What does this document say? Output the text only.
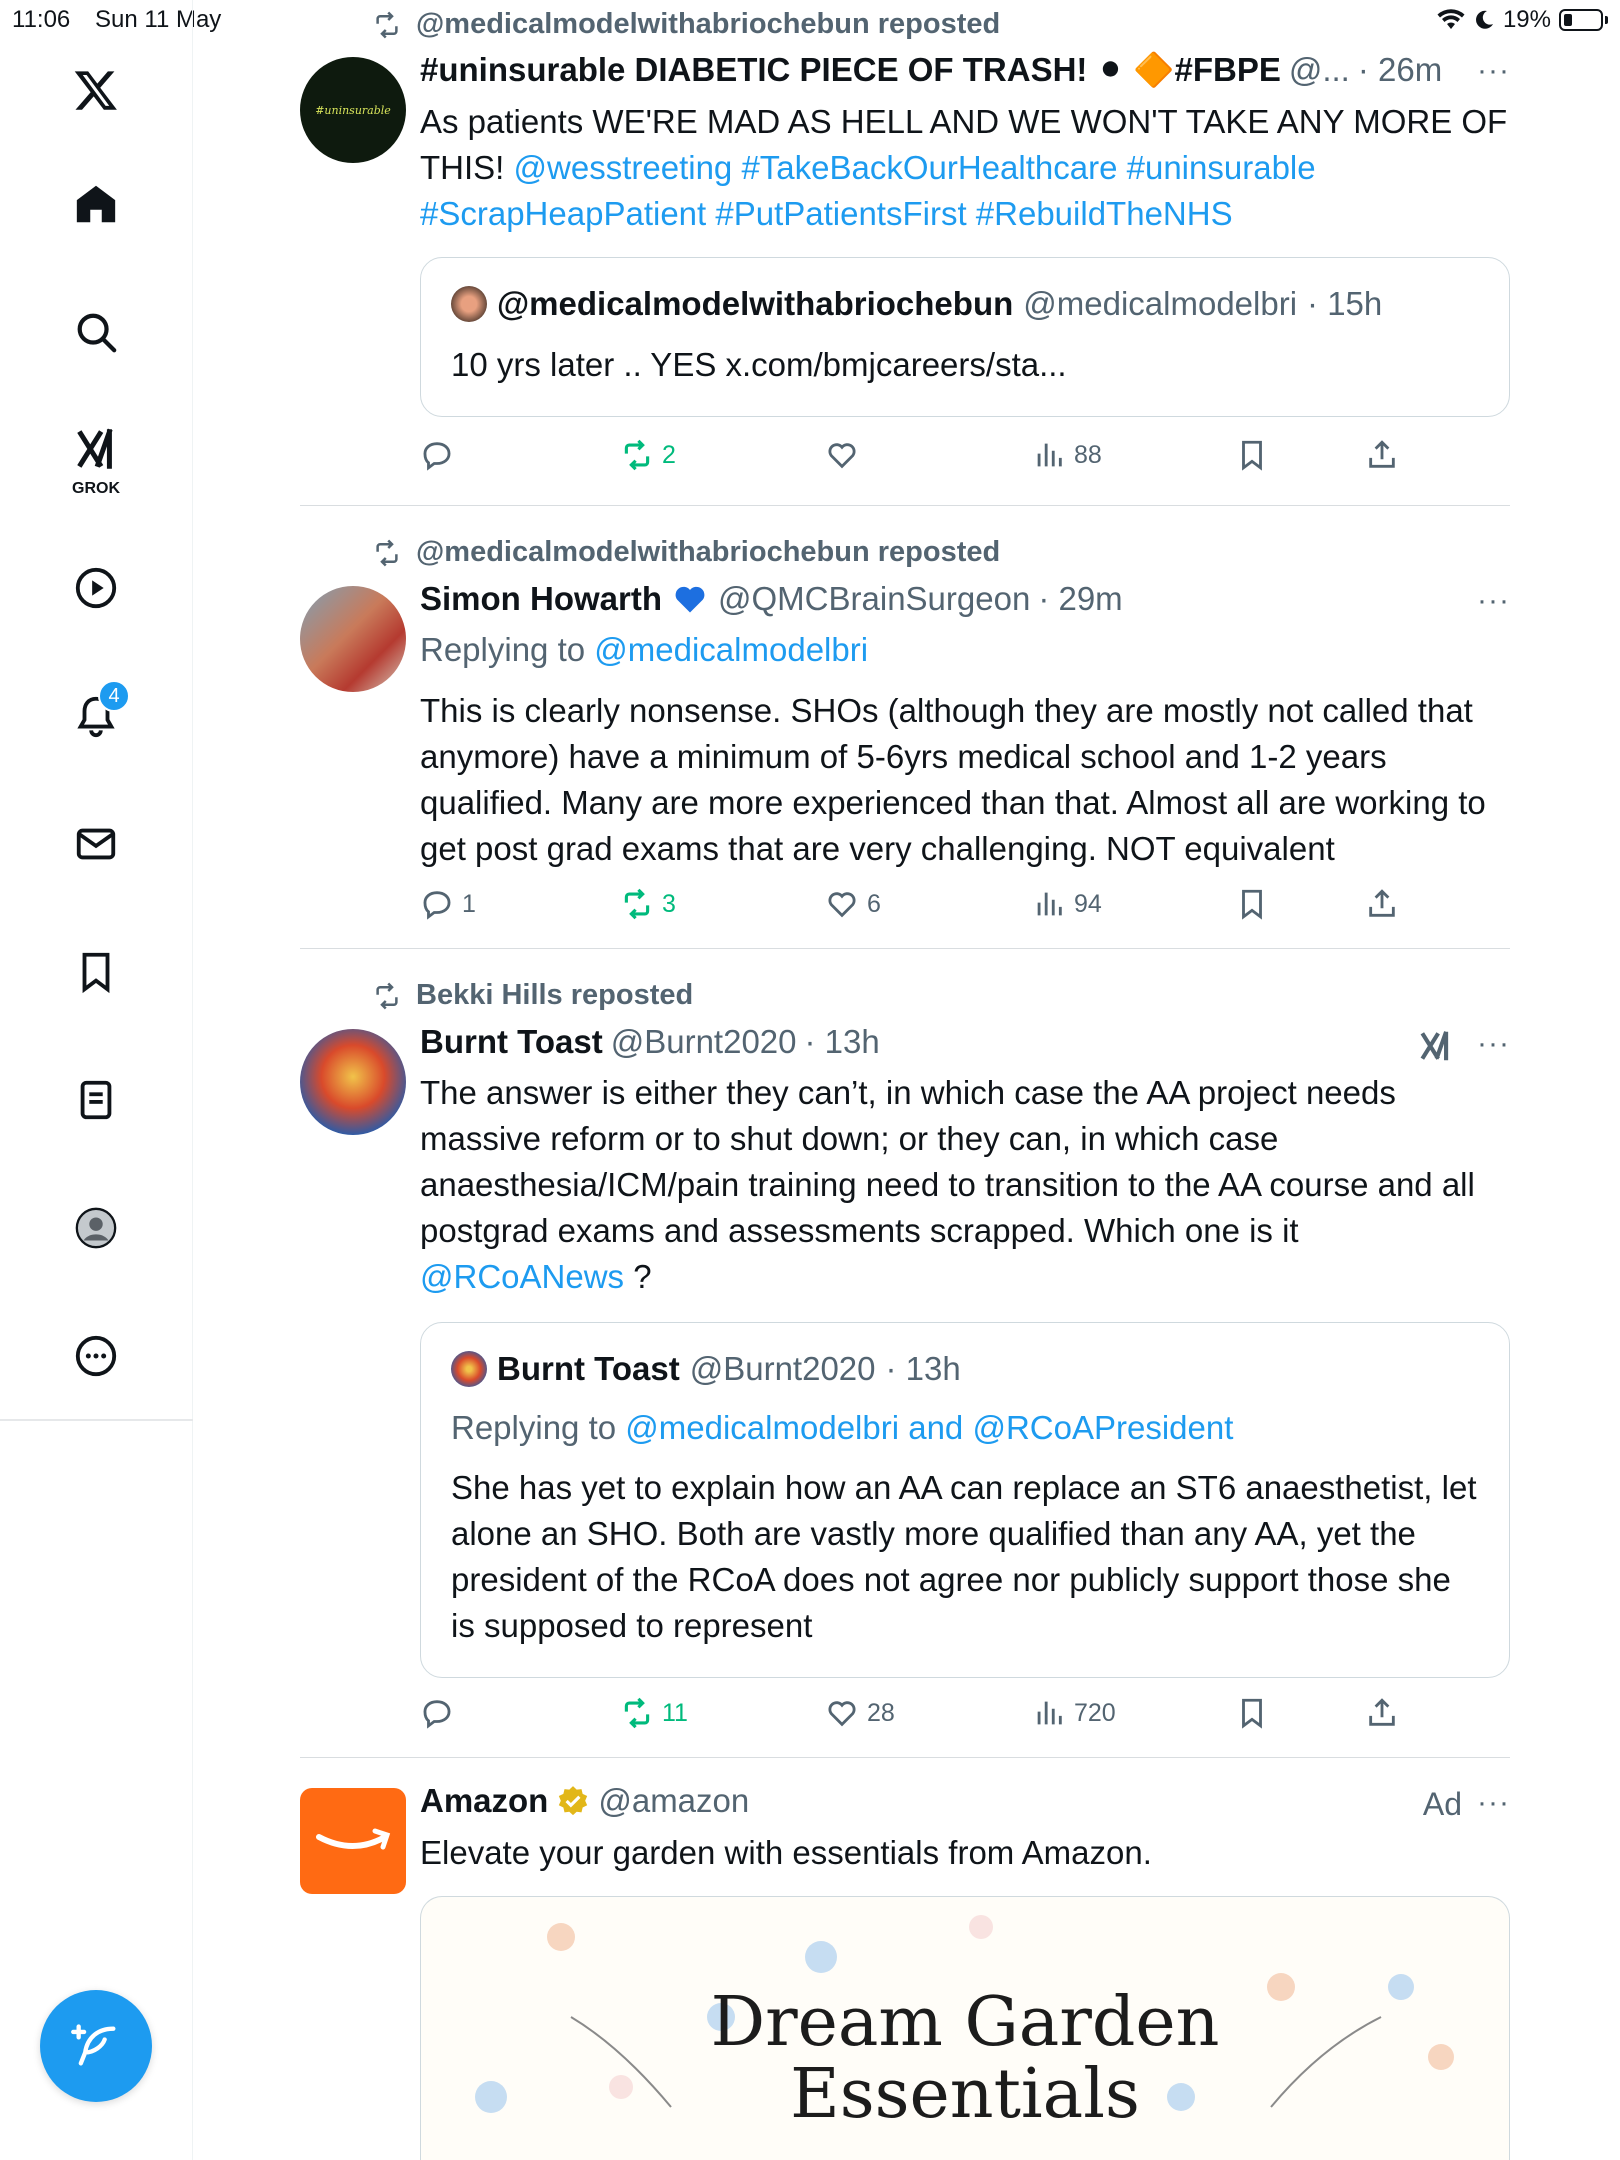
11:06 Sun 11 May	19%
GROK
4
@medicalmodelwithabriochebun reposted
#uninsurable
#uninsurable DIABETIC PIECE OF TRASH! ⚫ 🔶#FBPE @... · 26m ···
As patients WE'RE MAD AS HELL AND WE WON'T TAKE ANY MORE OF THIS! @wesstreeting #TakeBackOurHealthcare #uninsurable
#ScrapHeapPatient #PutPatientsFirst #RebuildTheNHS
@medicalmodelwithabriochebun @medicalmodelbri · 15h
10 yrs later .. YES x.com/bmjcareers/sta...
2	88
@medicalmodelwithabriochebun reposted
Simon Howarth @QMCBrainSurgeon · 29m	···
Replying to @medicalmodelbri
This is clearly nonsense. SHOs (although they are mostly not called that anymore) have a minimum of 5-6yrs medical school and 1-2 years qualified. Many are more experienced than that. Almost all are working to get post grad exams that are very challenging. NOT equivalent
1	3	6	94
Bekki Hills reposted
Burnt Toast @Burnt2020 · 13h	···
The answer is either they can’t, in which case the AA project needs massive reform or to shut down; or they can, in which case anaesthesia/ICM/pain training need to transition to the AA course and all postgrad exams and assessments scrapped. Which one is it
@RCoANews ?
Burnt Toast @Burnt2020 · 13h
Replying to @medicalmodelbri and @RCoAPresident
She has yet to explain how an AA can replace an ST6 anaesthetist, let alone an SHO. Both are vastly more qualified than any AA, yet the president of the RCoA does not agree nor publicly support those she is supposed to represent
11	28	720
Amazon @amazon	Ad ···
Elevate your garden with essentials from Amazon.
Dream Garden
Essentials
